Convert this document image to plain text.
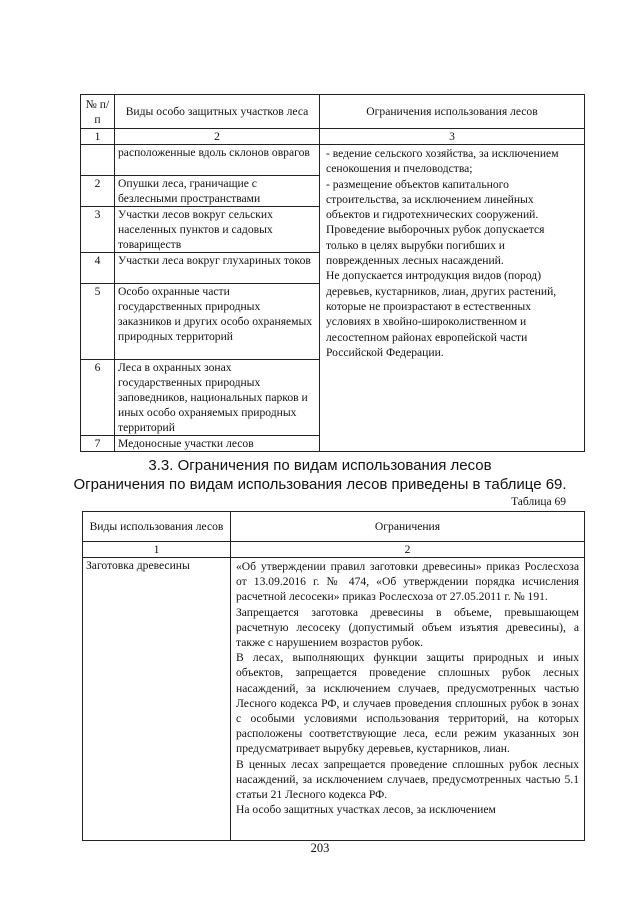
№ п/п	Виды особо защитных участков леса	Ограничения использования лесов
1	2	3
	расположенные вдоль склонов оврагов	- ведение сельского хозяйства, за исключением сенокошения и пчеловодства;
- размещение объектов капитального строительства, за исключением линейных объектов и гидротехнических сооружений.
Проведение выборочных рубок допускается только в целях вырубки погибших и поврежденных лесных насаждений.
Не допускается интродукция видов (пород) деревьев, кустарников, лиан, других растений, которые не произрастают в естественных условиях в хвойно-широколиственном и лесостепном районах европейской части Российской Федерации.

2	Опушки леса, граничащие с безлесными пространствами	
3	Участки лесов вокруг сельских населенных пунктов и садовых товариществ	
4	Участки леса вокруг глухариных токов	
5	Особо охранные части государственных природных заказников и других особо охраняемых природных территорий	
6	Леса в охранных зонах государственных природных заповедников, национальных парков и иных особо охраняемых природных территорий	
7	Медоносные участки лесов	
3.3. Ограничения по видам использования лесов
Ограничения по видам использования лесов приведены в таблице 69.
Таблица 69
Виды использования лесов	Ограничения
1	2
Заготовка древесины	«Об утверждении правил заготовки древесины» приказ Рослесхоза от 13.09.2016 г. № 474, «Об утверждении порядка исчисления расчетной лесосеки» приказ Рослесхоза от 27.05.2011 г. № 191.

Запрещается заготовка древесины в объеме, превышающем расчетную лесосеку (допустимый объем изъятия древесины), а также с нарушением возрастов рубок.

В лесах, выполняющих функции защиты природных и иных объектов, запрещается проведение сплошных рубок лесных насаждений, за исключением случаев, предусмотренных частью Лесного кодекса РФ, и случаев проведения сплошных рубок в зонах с особыми условиями использования территорий, на которых расположены соответствующие леса, если режим указанных зон предусматривает вырубку деревьев, кустарников, лиан.

В ценных лесах запрещается проведение сплошных рубок лесных насаждений, за исключением случаев, предусмотренных частью 5.1 статьи 21 Лесного кодекса РФ.

На особо защитных участках лесов, за исключением

203
